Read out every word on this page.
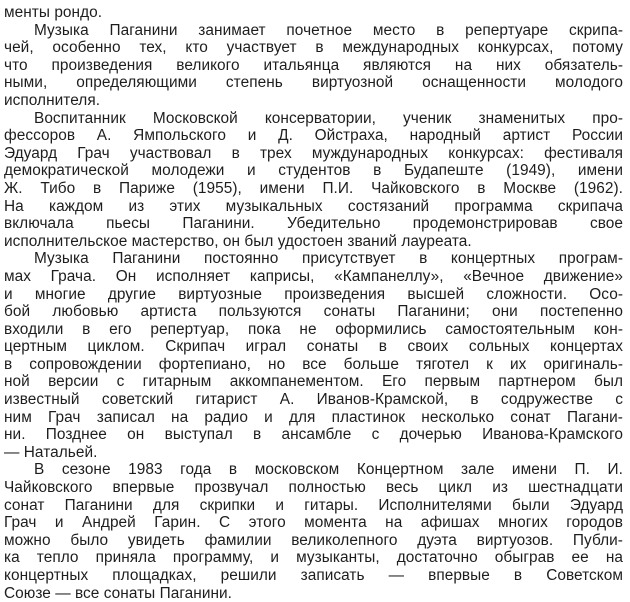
менты рондо.
Музыка Паганини занимает почетное место в репертуаре скрипа-
чей, особенно тех, кто участвует в международных конкурсах, потому
что произведения великого итальянца являются на них обязатель-
ными, определяющими степень виртуозной оснащенности молодого
исполнителя.
Воспитанник Московской консерватории, ученик знаменитых про-
фессоров А. Ямпольского и Д. Ойстраха, народный артист России
Эдуард Грач участвовал в трех муждународных конкурсах: фестиваля
демократической молодежи и студентов в Будапеште (1949), имени
Ж. Тибо в Париже (1955), имени П.И. Чайковского в Москве (1962).
На каждом из этих музыкальных состязаний программа скрипача
включала пьесы Паганини. Убедительно продемонстрировав свое
исполнительское мастерство, он был удостоен званий лауреата.
Музыка Паганини постоянно присутствует в концертных програм-
мах Грача. Он исполняет каприсы, «Кампанеллу», «Вечное движение»
и многие другие виртуозные произведения высшей сложности. Осо-
бой любовью артиста пользуются сонаты Паганини; они постепенно
входили в его репертуар, пока не оформились самостоятельным кон-
цертным циклом. Скрипач играл сонаты в своих сольных концертах
в сопровождении фортепиано, но все больше тяготел к их оригиналь-
ной версии с гитарным аккомпанементом. Его первым партнером был
известный советский гитарист А. Иванов-Крамской, в содружестве с
ним Грач записал на радио и для пластинок несколько сонат Пагани-
ни. Позднее он выступал в ансамбле с дочерью Иванова-Крамского
— Натальей.
В сезоне 1983 года в московском Концертном зале имени П. И.
Чайковского впервые прозвучал полностью весь цикл из шестнадцати
сонат Паганини для скрипки и гитары. Исполнителями были Эдуард
Грач и Андрей Гарин. С этого момента на афишах многих городов
можно было увидеть фамилии великолепного дуэта виртуозов. Публи-
ка тепло приняла программу, и музыканты, достаточно обыграв ее на
концертных площадках, решили записать — впервые в Советском
Союзе — все сонаты Паганини.
